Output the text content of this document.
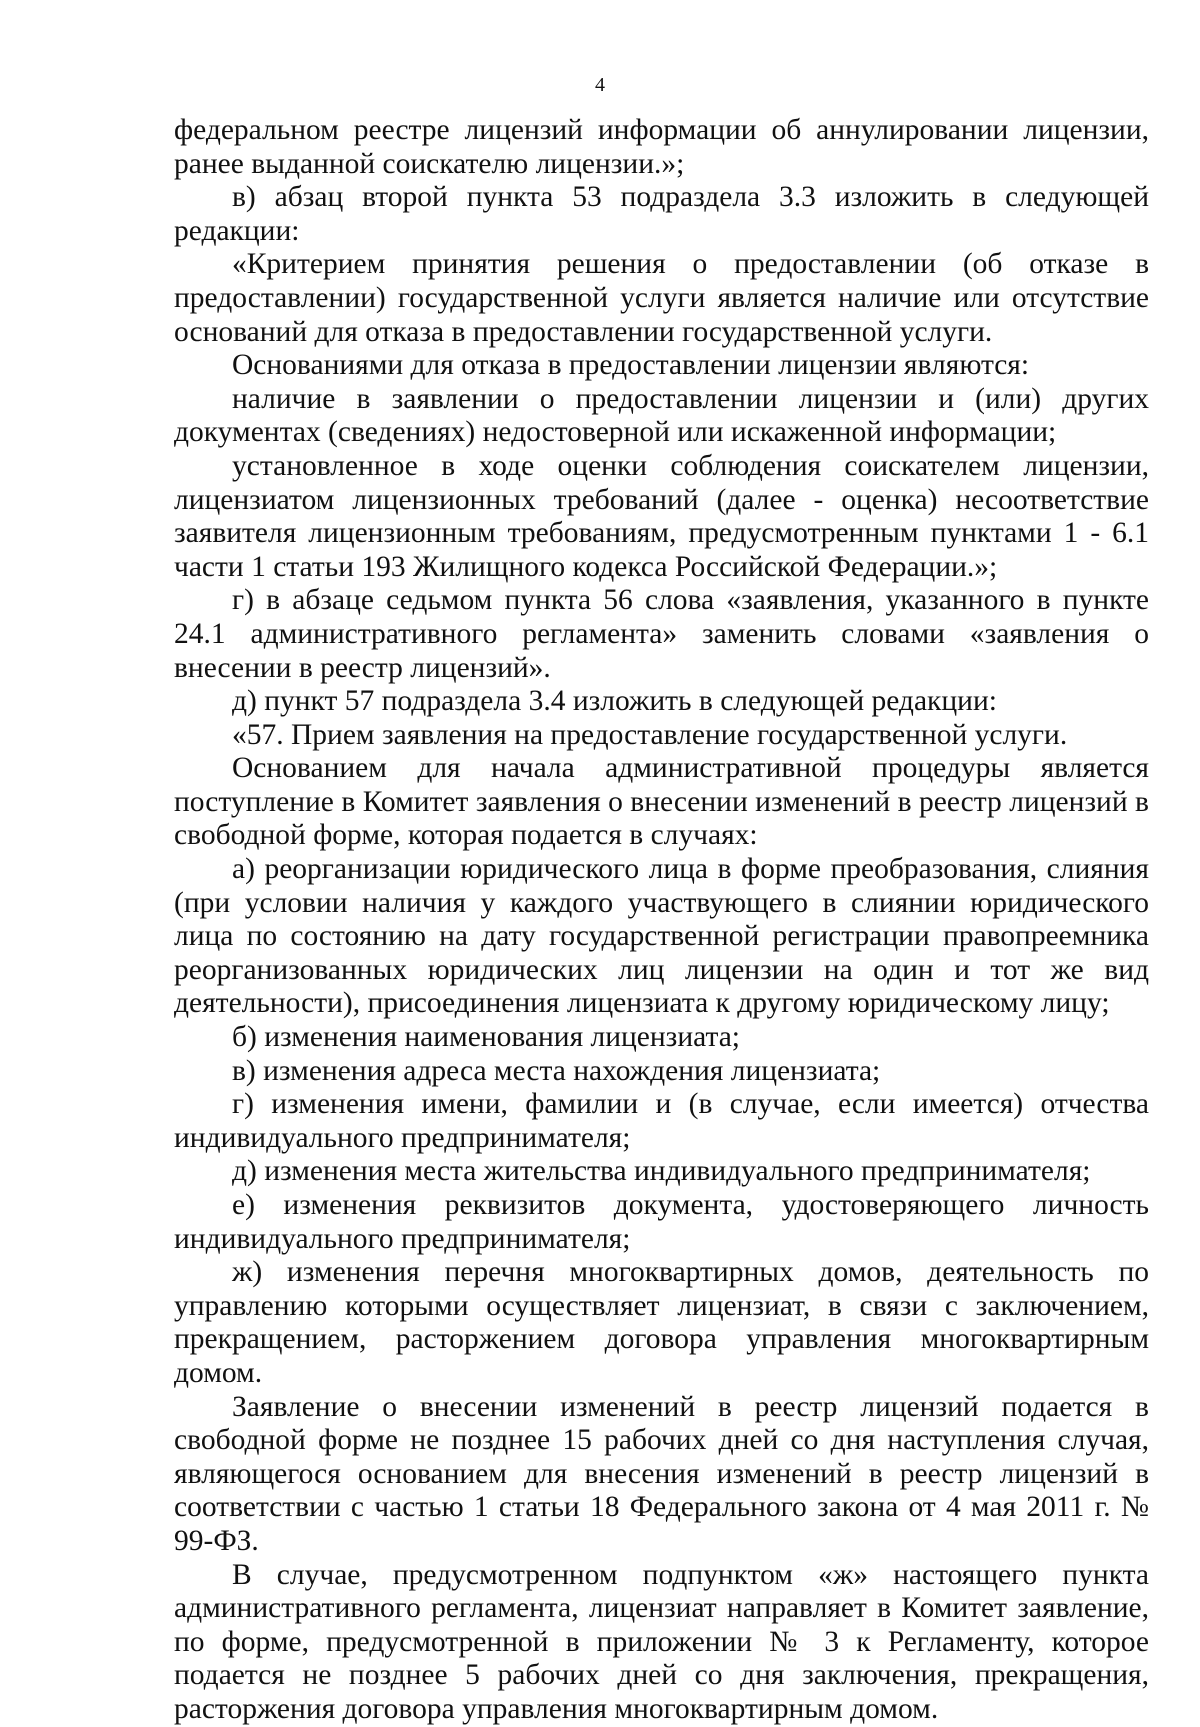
4

федеральном реестре лицензий информации об аннулировании лицензии, ранее выданной соискателю лицензии.»;

в) абзац второй пункта 53 подраздела 3.3 изложить в следующей редакции:

«Критерием принятия решения о предоставлении (об отказе в предоставлении) государственной услуги является наличие или отсутствие оснований для отказа в предоставлении государственной услуги.

Основаниями для отказа в предоставлении лицензии являются:

наличие в заявлении о предоставлении лицензии и (или) других документах (сведениях) недостоверной или искаженной информации;

установленное в ходе оценки соблюдения соискателем лицензии, лицензиатом лицензионных требований (далее - оценка) несоответствие заявителя лицензионным требованиям, предусмотренным пунктами 1 - 6.1 части 1 статьи 193 Жилищного кодекса Российской Федерации.»;

г) в абзаце седьмом пункта 56 слова «заявления, указанного в пункте 24.1 административного регламента» заменить словами «заявления о внесении в реестр лицензий».

д) пункт 57 подраздела 3.4 изложить в следующей редакции:

«57. Прием заявления на предоставление государственной услуги.

Основанием для начала административной процедуры является поступление в Комитет заявления о внесении изменений в реестр лицензий в свободной форме, которая подается в случаях:

а) реорганизации юридического лица в форме преобразования, слияния (при условии наличия у каждого участвующего в слиянии юридического лица по состоянию на дату государственной регистрации правопреемника реорганизованных юридических лиц лицензии на один и тот же вид деятельности), присоединения лицензиата к другому юридическому лицу;

б) изменения наименования лицензиата;

в) изменения адреса места нахождения лицензиата;

г) изменения имени, фамилии и (в случае, если имеется) отчества индивидуального предпринимателя;

д) изменения места жительства индивидуального предпринимателя;

е) изменения реквизитов документа, удостоверяющего личность индивидуального предпринимателя;

ж) изменения перечня многоквартирных домов, деятельность по управлению которыми осуществляет лицензиат, в связи с заключением, прекращением, расторжением договора управления многоквартирным домом.

Заявление о внесении изменений в реестр лицензий подается в свободной форме не позднее 15 рабочих дней со дня наступления случая, являющегося основанием для внесения изменений в реестр лицензий в соответствии с частью 1 статьи 18 Федерального закона от 4 мая 2011 г. № 99-ФЗ.

В случае, предусмотренном подпунктом «ж» настоящего пункта административного регламента, лицензиат направляет в Комитет заявление, по форме, предусмотренной в приложении № 3 к Регламенту, которое подается не позднее 5 рабочих дней со дня заключения, прекращения, расторжения договора управления многоквартирным домом.
